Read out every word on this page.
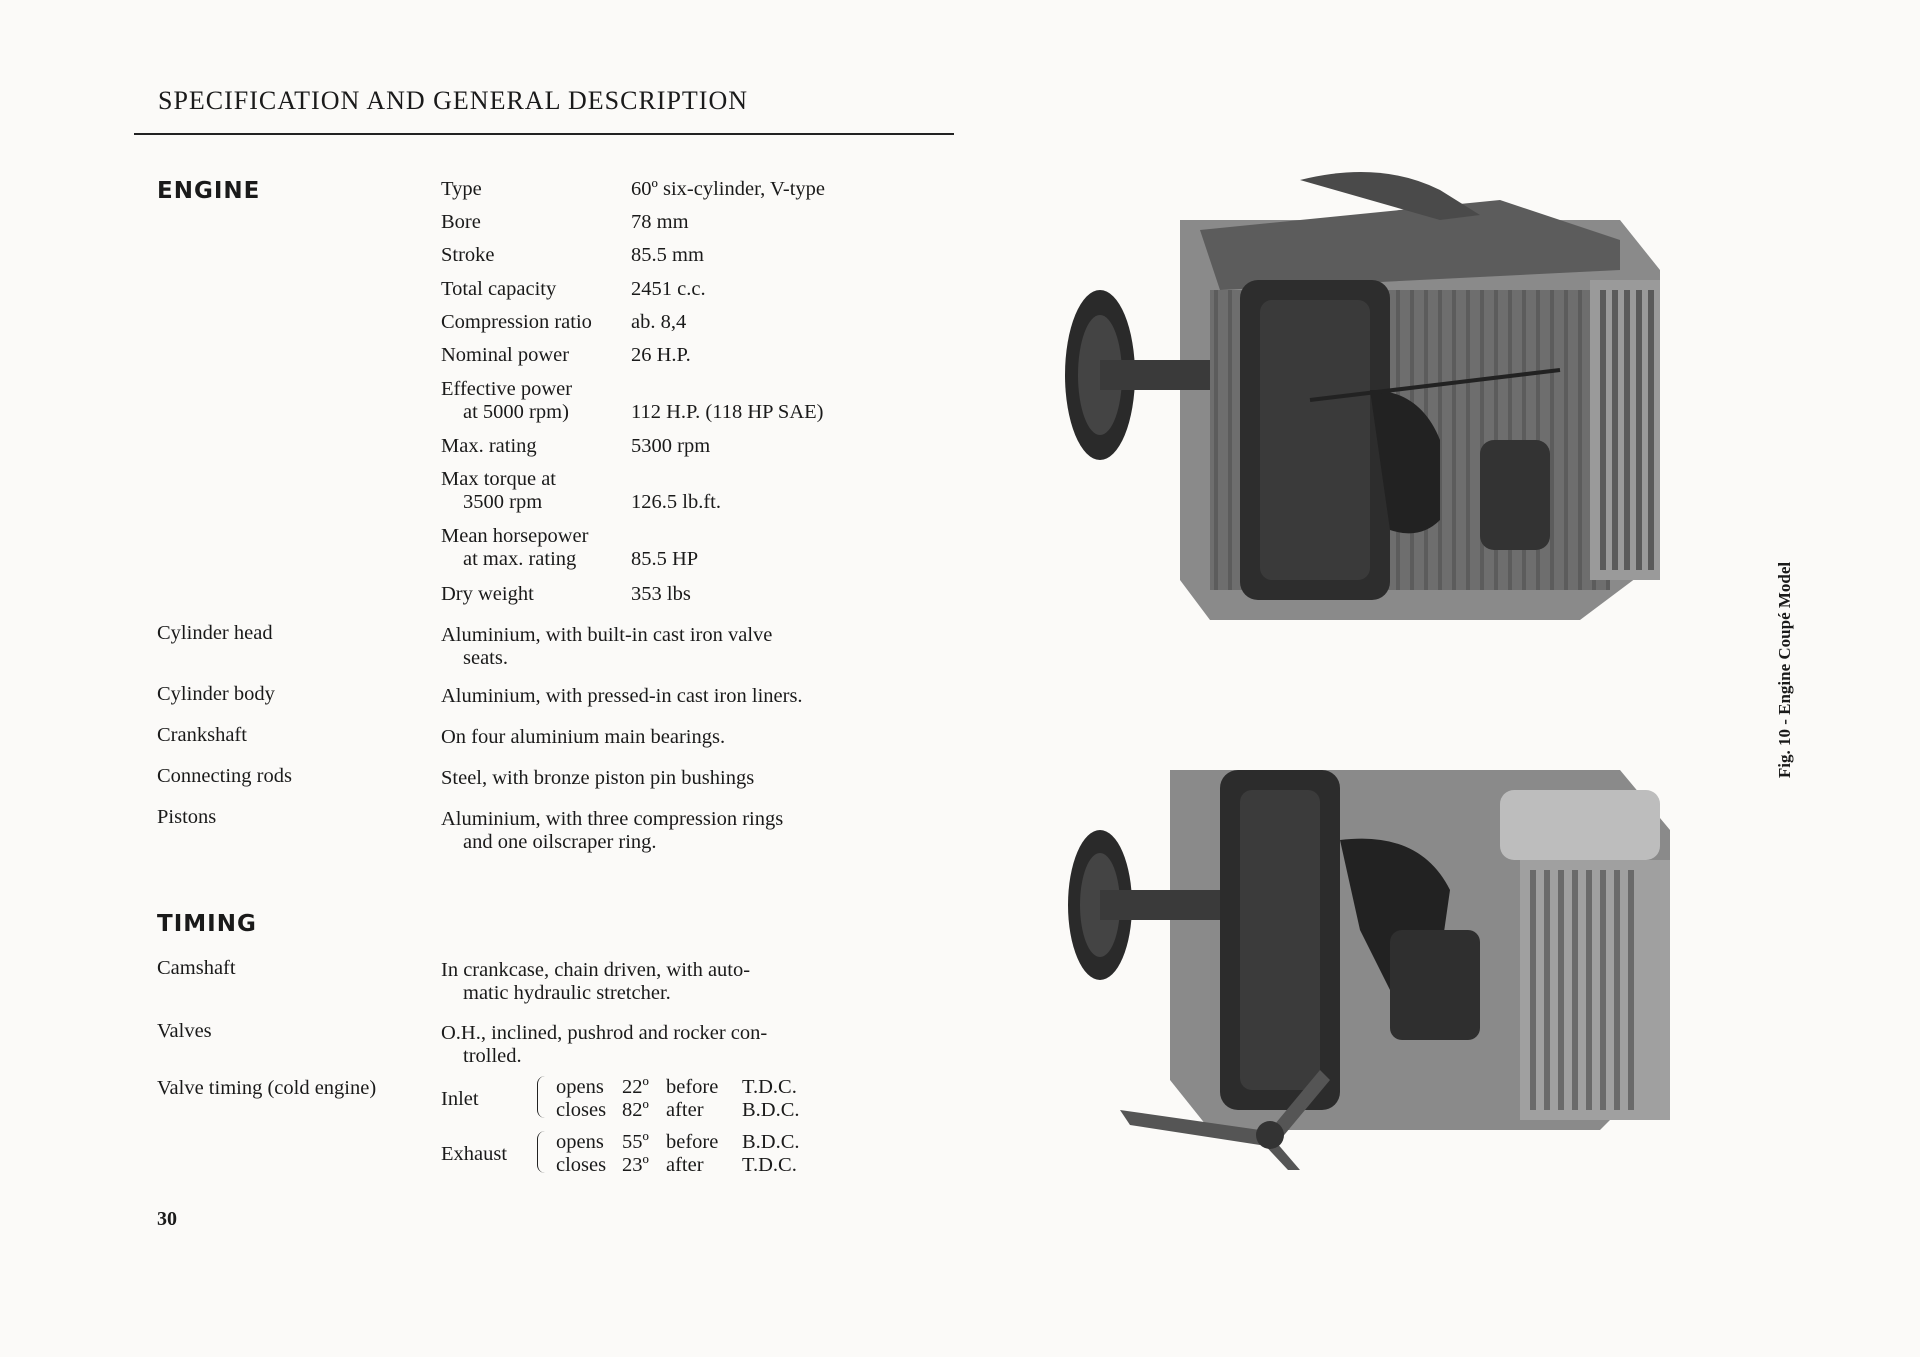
SPECIFICATION AND GENERAL DESCRIPTION
ENGINE	Type	60º six-cylinder, V-type
Bore	78 mm
Stroke	85.5 mm
Total capacity	2451 c.c.
Compression ratio	ab. 8,4
Nominal power	26 H.P.
Effective power
at 5000 rpm)	112 H.P. (118 HP SAE)
Max. rating	5300 rpm
Max torque at
3500 rpm	126.5 lb.ft.
Mean horsepower
at max. rating	85.5 HP
Dry weight	353 lbs
Cylinder head	Aluminium, with built-in cast iron valve
seats.
Cylinder body	Aluminium, with pressed-in cast iron liners.
Crankshaft	On four aluminium main bearings.
Connecting rods	Steel, with bronze piston pin bushings
Pistons	Aluminium, with three compression rings
and one oilscraper ring.
TIMING
Camshaft	In crankcase, chain driven, with auto-
matic hydraulic stretcher.
Valves	O.H., inclined, pushrod and rocker con-
trolled.
Valve timing (cold engine)	Inlet
opens 22º before T.D.C.
closes 82º after B.D.C.
Exhaust
opens 55º before B.D.C.
closes 23º after T.D.C.
30
Fig. 10 - Engine Coupé Model
